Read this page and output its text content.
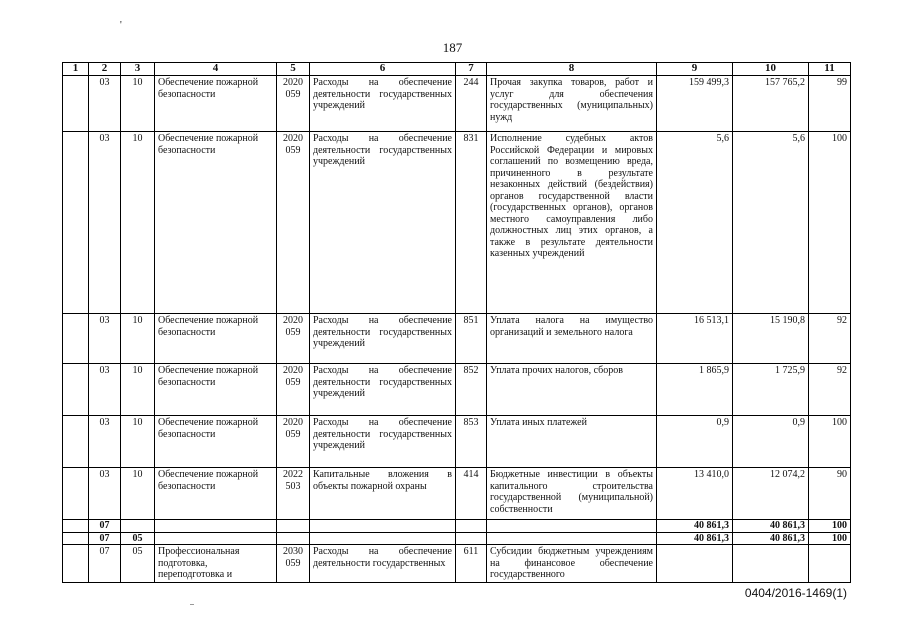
'
187
1	2	3	4	5	6	7	8	9	10	11
	03	10	Обеспечение пожарной безопасности	2020 059	Расходы на обеспечение деятельности государственных учреждений	244	Прочая закупка товаров, работ и услуг для обеспечения государственных (муниципальных) нужд	159 499,3	157 765,2	99
	03	10	Обеспечение пожарной безопасности	2020 059	Расходы на обеспечение деятельности государственных учреждений	831	Исполнение судебных актов Российской Федерации и мировых соглашений по возмещению вреда, причиненного в результате незаконных действий (бездействия) органов государственной власти (государственных органов), органов местного самоуправления либо должностных лиц этих органов, а также в результате деятельности казенных учреждений	5,6	5,6	100
	03	10	Обеспечение пожарной безопасности	2020 059	Расходы на обеспечение деятельности государственных учреждений	851	Уплата налога на имущество организаций и земельного налога	16 513,1	15 190,8	92
	03	10	Обеспечение пожарной безопасности	2020 059	Расходы на обеспечение деятельности государственных учреждений	852	Уплата прочих налогов, сборов	1 865,9	1 725,9	92
	03	10	Обеспечение пожарной безопасности	2020 059	Расходы на обеспечение деятельности государственных учреждений	853	Уплата иных платежей	0,9	0,9	100
	03	10	Обеспечение пожарной безопасности	2022 503	Капитальные вложения в объекты пожарной охраны	414	Бюджетные инвестиции в объекты капитального строительства государственной (муниципальной) собственности	13 410,0	12 074,2	90
	07							40 861,3	40 861,3	100
	07	05						40 861,3	40 861,3	100
	07	05	Профессиональная подготовка, переподготовка и	2030 059	Расходы на обеспечение деятельности государственных	611	Субсидии бюджетным учреждениям на финансовое обеспечение государственного			
0404/2016-1469(1)
